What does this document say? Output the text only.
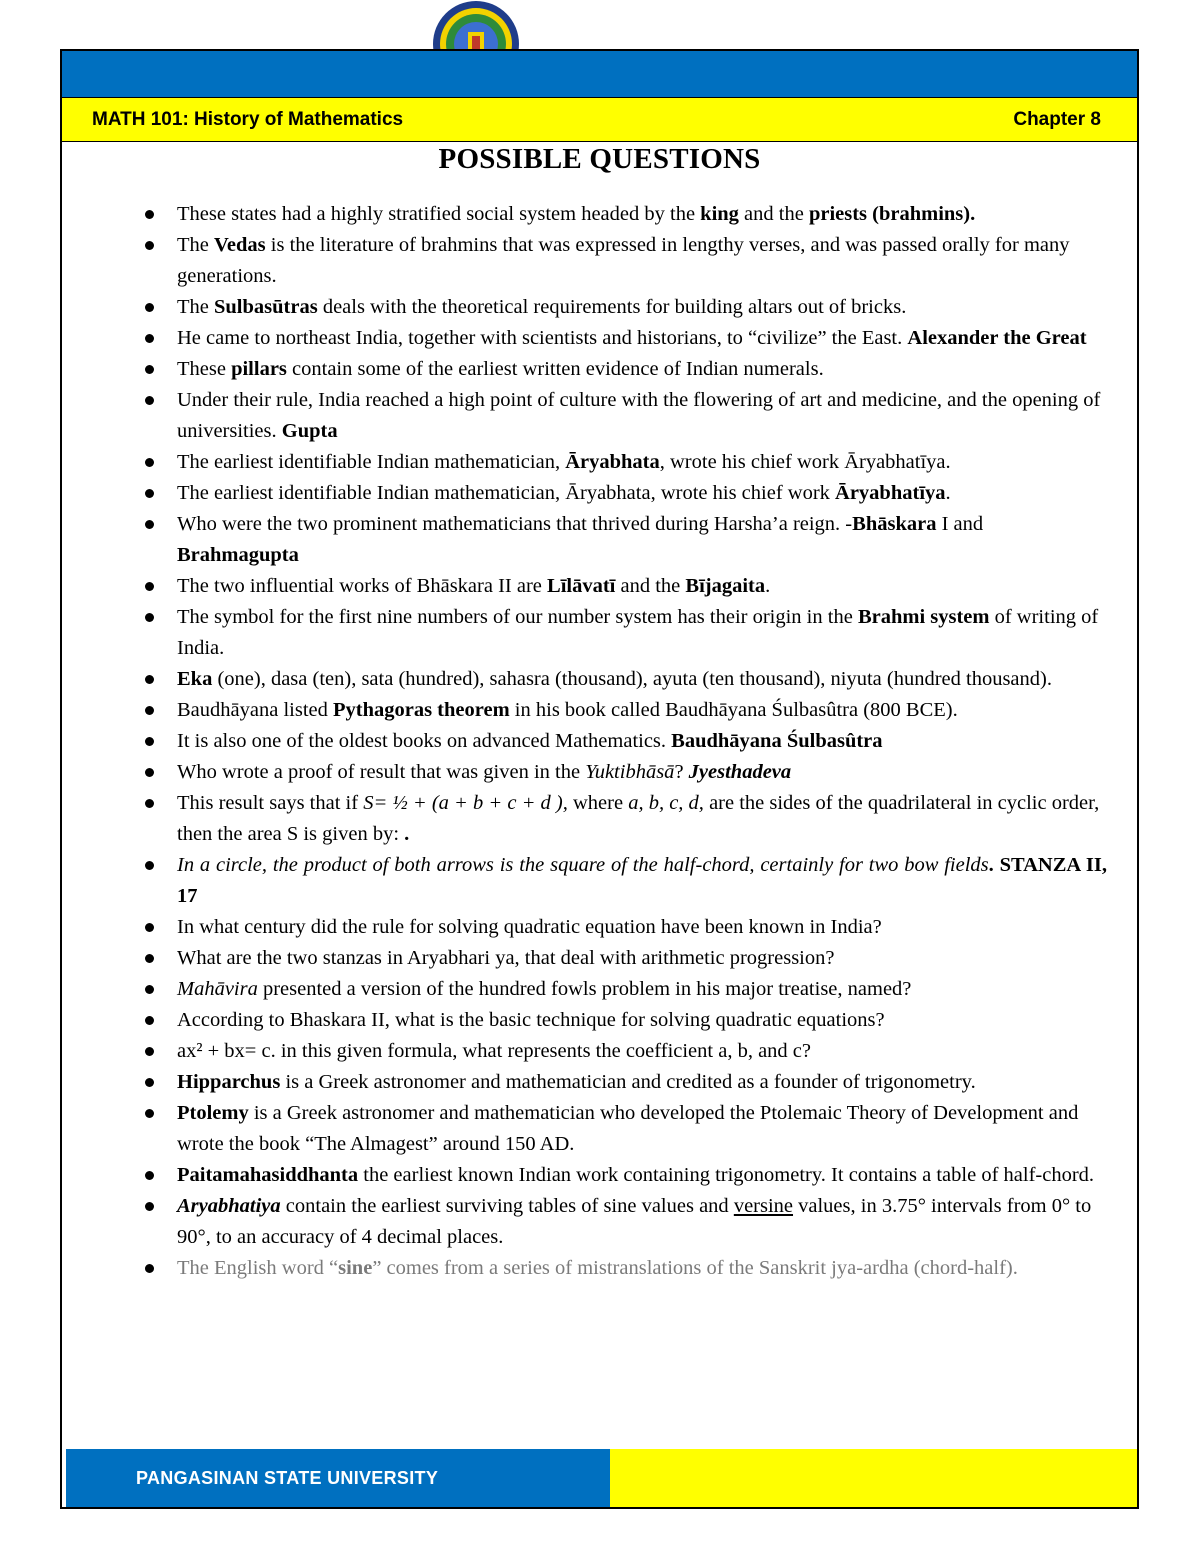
MATH 101: History of Mathematics	Chapter 8
POSSIBLE QUESTIONS
These states had a highly stratified social system headed by the king and the priests (brahmins).
The Vedas is the literature of brahmins that was expressed in lengthy verses, and was passed orally for many generations.
The Sulbasūtras deals with the theoretical requirements for building altars out of bricks.
He came to northeast India, together with scientists and historians, to “civilize” the East. Alexander the Great
These pillars contain some of the earliest written evidence of Indian numerals.
Under their rule, India reached a high point of culture with the flowering of art and medicine, and the opening of universities. Gupta
The earliest identifiable Indian mathematician, Āryabhata, wrote his chief work Āryabhatīya.
The earliest identifiable Indian mathematician, Āryabhata, wrote his chief work Āryabhatīya.
Who were the two prominent mathematicians that thrived during Harsha’a reign. -Bhāskara I and Brahmagupta
The two influential works of Bhāskara II are Līlāvatī and the Bījagaita.
The symbol for the first nine numbers of our number system has their origin in the Brahmi system of writing of India.
Eka (one), dasa (ten), sata (hundred), sahasra (thousand), ayuta (ten thousand), niyuta (hundred thousand).
Baudhāyana listed Pythagoras theorem in his book called Baudhāyana Śulbasûtra (800 BCE).
It is also one of the oldest books on advanced Mathematics. Baudhāyana Śulbasûtra
Who wrote a proof of result that was given in the Yuktibhāsā? Jyesthadeva
This result says that if S= ½ + (a + b + c + d ), where a, b, c, d, are the sides of the quadrilateral in cyclic order, then the area S is given by: .
In a circle, the product of both arrows is the square of the half-chord, certainly for two bow fields. STANZA II, 17
In what century did the rule for solving quadratic equation have been known in India?
What are the two stanzas in Aryabhari ya, that deal with arithmetic progression?
Mahāvira presented a version of the hundred fowls problem in his major treatise, named?
According to Bhaskara II, what is the basic technique for solving quadratic equations?
ax² + bx= c. in this given formula, what represents the coefficient a, b, and c?
Hipparchus is a Greek astronomer and mathematician and credited as a founder of trigonometry.
Ptolemy is a Greek astronomer and mathematician who developed the Ptolemaic Theory of Development and wrote the book “The Almagest” around 150 AD.
Paitamahasiddhanta the earliest known Indian work containing trigonometry. It contains a table of half-chord.
Aryabhatiya contain the earliest surviving tables of sine values and versine values, in 3.75° intervals from 0° to 90°, to an accuracy of 4 decimal places.
The English word “sine” comes from a series of mistranslations of the Sanskrit jya-ardha (chord-half).
PANGASINAN STATE UNIVERSITY
